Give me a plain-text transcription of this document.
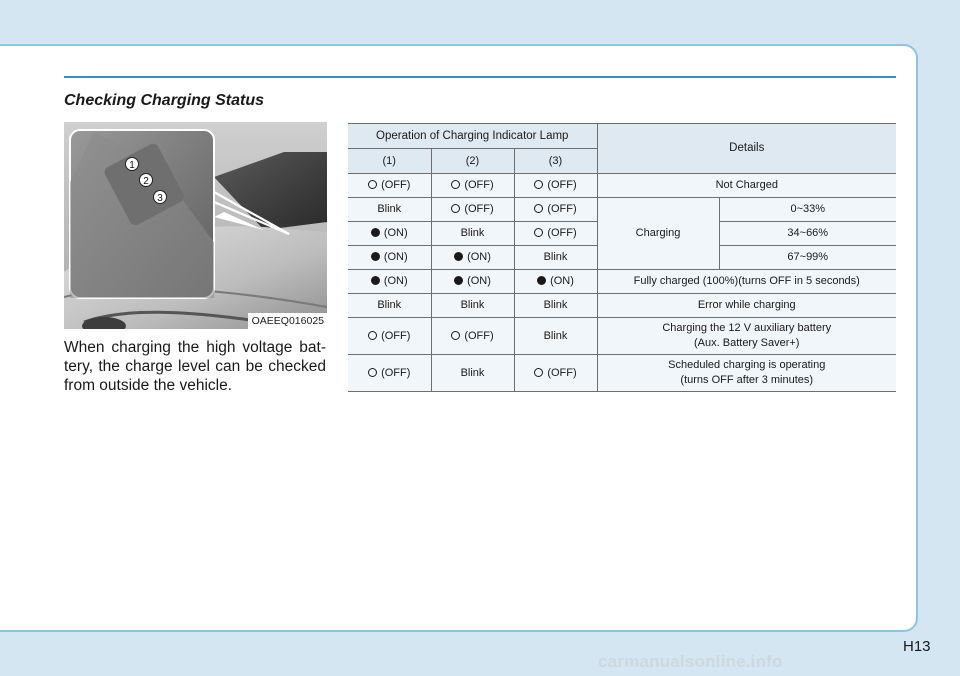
Checking Charging Status
1
2
3
OAEEQ016025

When charging the high voltage bat-tery, the charge level can be checked from outside the vehicle.

Operation of Charging Indicator Lamp			Details	
(1)	(2)	(3)		
(OFF)	(OFF)	(OFF)	Not Charged	
Blink	(OFF)	(OFF)	Charging	0~33%
(ON)	Blink	(OFF)		34~66%
(ON)	(ON)	Blink		67~99%
(ON)	(ON)	(ON)	Fully charged (100%)(turns OFF in 5 seconds)	
Blink	Blink	Blink	Error while charging	
(OFF)	(OFF)	Blink	Charging the 12 V auxiliary battery
(Aux. Battery Saver+)	

(OFF)	Blink	(OFF)	Scheduled charging is operating
(turns OFF after 3 minutes)	
H13
carmanualsonline.info
